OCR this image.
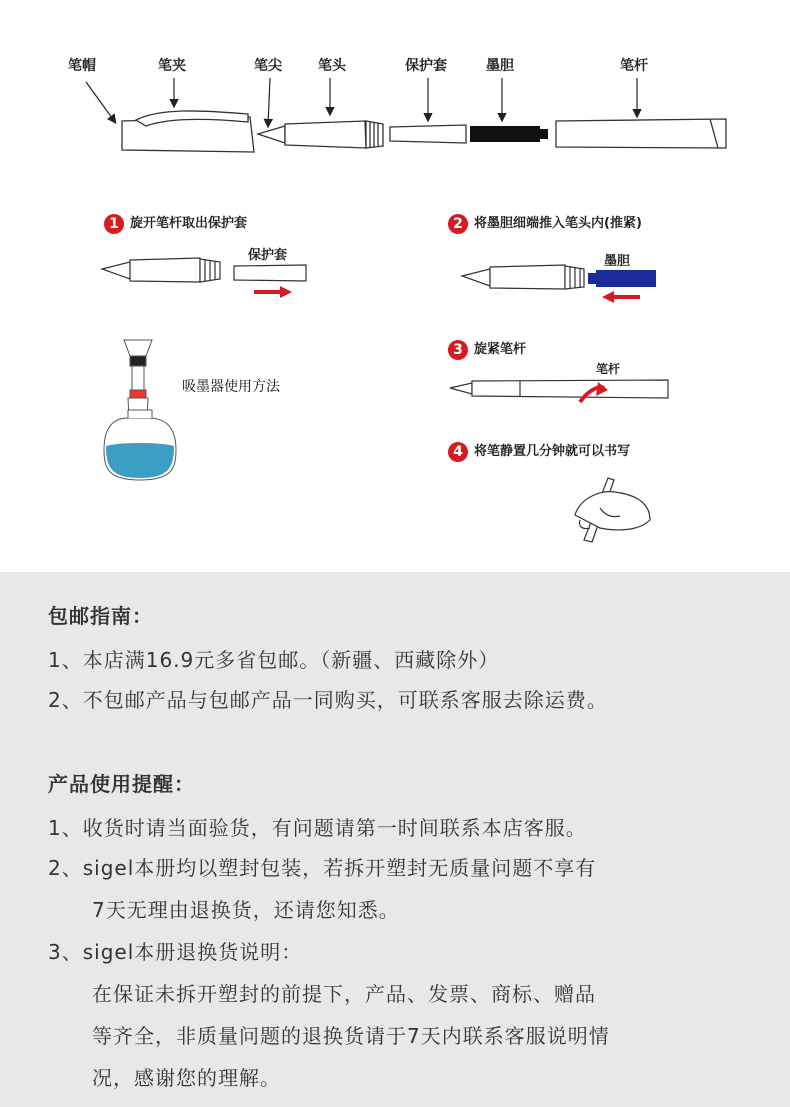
笔帽	笔夹	笔尖	笔头	保护套	墨胆	笔杆
1 旋开笔杆取出保护套
保护套
2 将墨胆细端推入笔头内(推紧)
墨胆
3 旋紧笔杆
笔杆
4 将笔静置几分钟就可以书写
吸墨器使用方法
包邮指南：
1、本店满16.9元多省包邮。（新疆、西藏除外）
2、不包邮产品与包邮产品一同购买，可联系客服去除运费。
产品使用提醒：
1、收货时请当面验货，有问题请第一时间联系本店客服。
2、sigel本册均以塑封包装，若拆开塑封无质量问题不享有
7天无理由退换货，还请您知悉。
3、sigel本册退换货说明：
在保证未拆开塑封的前提下，产品、发票、商标、赠品
等齐全，非质量问题的退换货请于7天内联系客服说明情
况，感谢您的理解。
